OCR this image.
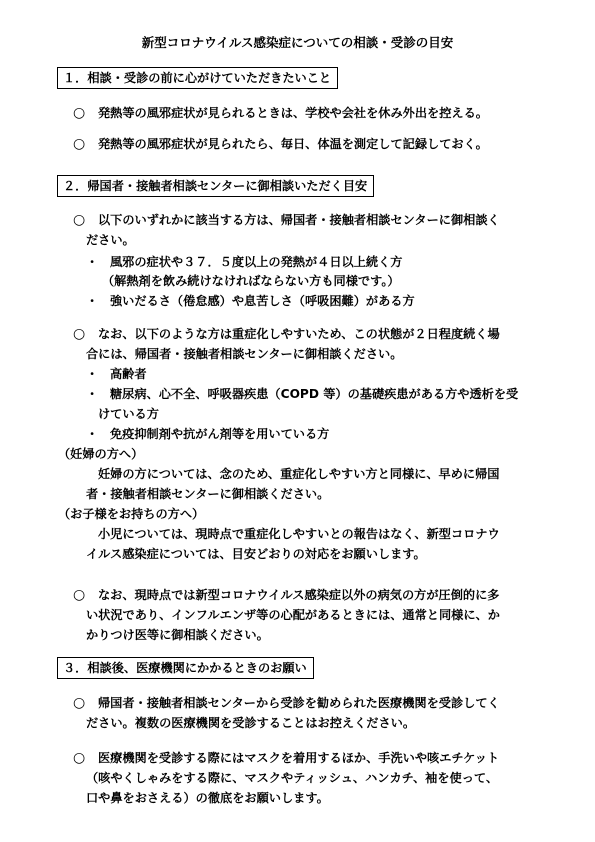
新型コロナウイルス感染症についての相談・受診の目安
１．相談・受診の前に心がけていただきたいこと
○ 発熱等の風邪症状が見られるときは、学校や会社を休み外出を控える。
○ 発熱等の風邪症状が見られたら、毎日、体温を測定して記録しておく。
２．帰国者・接触者相談センターに御相談いただく目安
○ 以下のいずれかに該当する方は、帰国者・接触者相談センターに御相談く
ださい。
・ 風邪の症状や３７．５度以上の発熱が４日以上続く方
（解熱剤を飲み続けなければならない方も同様です。）
・ 強いだるさ（倦怠感）や息苦しさ（呼吸困難）がある方
○ なお、以下のような方は重症化しやすいため、この状態が２日程度続く場
合には、帰国者・接触者相談センターに御相談ください。
・ 高齢者
・ 糖尿病、心不全、呼吸器疾患（COPD 等）の基礎疾患がある方や透析を受
けている方
・ 免疫抑制剤や抗がん剤等を用いている方
（妊婦の方へ）
妊婦の方については、念のため、重症化しやすい方と同様に、早めに帰国
者・接触者相談センターに御相談ください。
（お子様をお持ちの方へ）
小児については、現時点で重症化しやすいとの報告はなく、新型コロナウ
イルス感染症については、目安どおりの対応をお願いします。
○ なお、現時点では新型コロナウイルス感染症以外の病気の方が圧倒的に多
い状況であり、インフルエンザ等の心配があるときには、通常と同様に、か
かりつけ医等に御相談ください。
３．相談後、医療機関にかかるときのお願い
○ 帰国者・接触者相談センターから受診を勧められた医療機関を受診してく
ださい。複数の医療機関を受診することはお控えください。
○ 医療機関を受診する際にはマスクを着用するほか、手洗いや咳エチケット
（咳やくしゃみをする際に、マスクやティッシュ、ハンカチ、袖を使って、
口や鼻をおさえる）の徹底をお願いします。
